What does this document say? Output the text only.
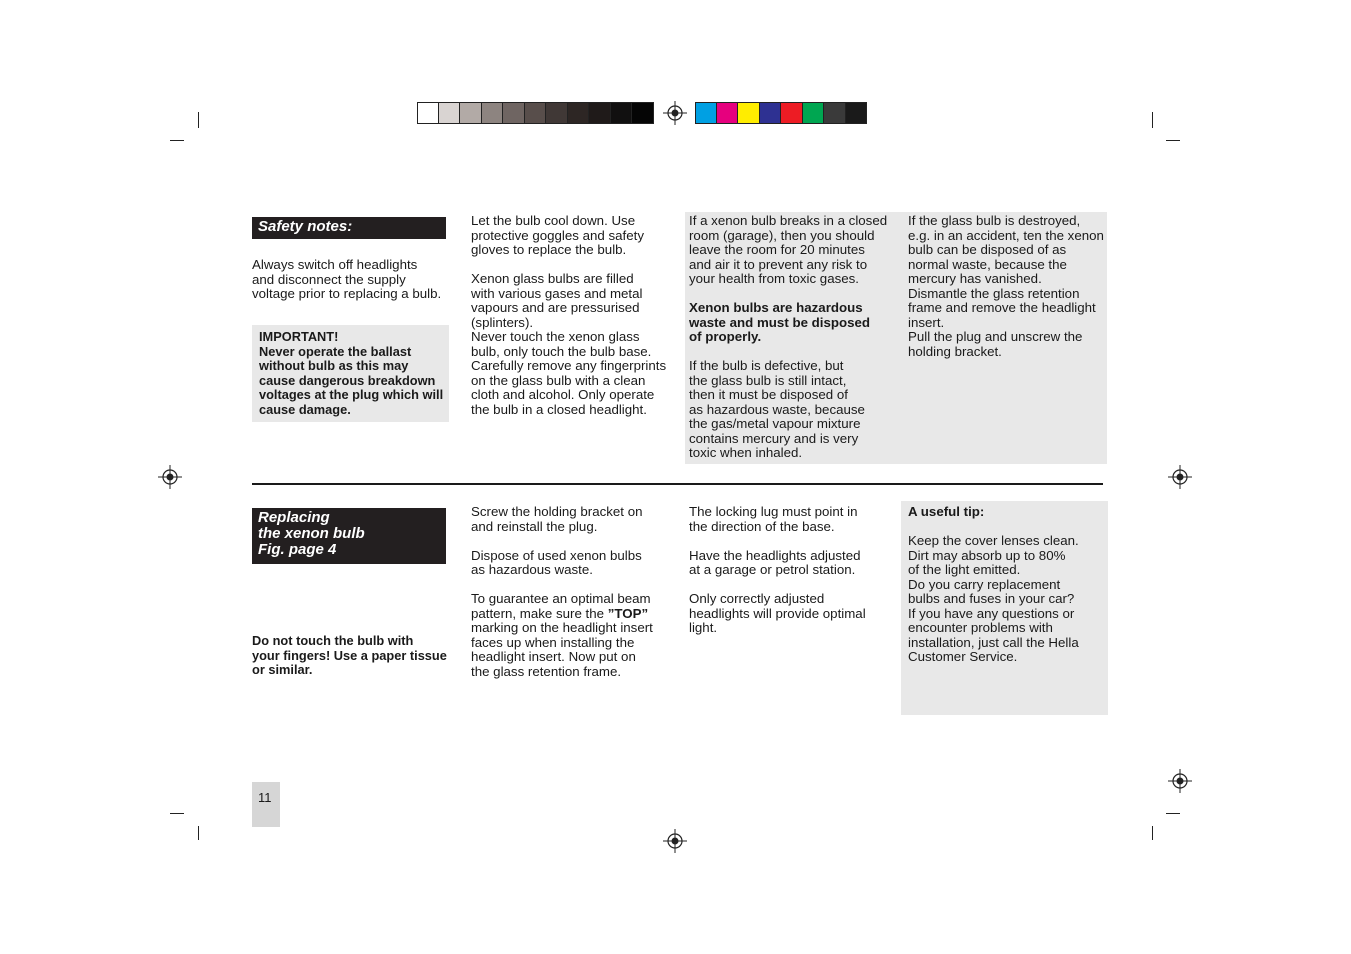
Safety notes:

Always switch off headlights
and disconnect the supply
voltage prior to replacing a bulb.

IMPORTANT!
Never operate the ballast
without bulb as this may
cause dangerous breakdown
voltages at the plug which will
cause damage.

Let the bulb cool down. Use
protective goggles and safety
gloves to replace the bulb.

Xenon glass bulbs are filled
with various gases and metal
vapours and are pressurised
(splinters).
Never touch the xenon glass
bulb, only touch the bulb base.
Carefully remove any fingerprints
on the glass bulb with a clean
cloth and alcohol. Only operate
the bulb in a closed headlight.

If a xenon bulb breaks in a closed
room (garage), then you should
leave the room for 20 minutes
and air it to prevent any risk to
your health from toxic gases.

Xenon bulbs are hazardous
waste and must be disposed
of properly.

If the bulb is defective, but
the glass bulb is still intact,
then it must be disposed of
as hazardous waste, because
the gas/metal vapour mixture
contains mercury and is very
toxic when inhaled.

If the glass bulb is destroyed,
e.g. in an accident, ten the xenon
bulb can be disposed of as
normal waste, because the
mercury has vanished.
Dismantle the glass retention
frame and remove the headlight
insert.
Pull the plug and unscrew the
holding bracket.

Replacing
the xenon bulb
Fig. page 4

Do not touch the bulb with
your fingers! Use a paper tissue
or similar.

Screw the holding bracket on
and reinstall the plug.

Dispose of used xenon bulbs
as hazardous waste.

To guarantee an optimal beam
pattern, make sure the ”TOP”
marking on the headlight insert
faces up when installing the
headlight insert. Now put on
the glass retention frame.

The locking lug must point in
the direction of the base.

Have the headlights adjusted
at a garage or petrol station.

Only correctly adjusted
headlights will provide optimal
light.

A useful tip:

Keep the cover lenses clean.
Dirt may absorb up to 80%
of the light emitted.
Do you carry replacement
bulbs and fuses in your car?
If you have any questions or
encounter problems with
installation, just call the Hella
Customer Service.

11
